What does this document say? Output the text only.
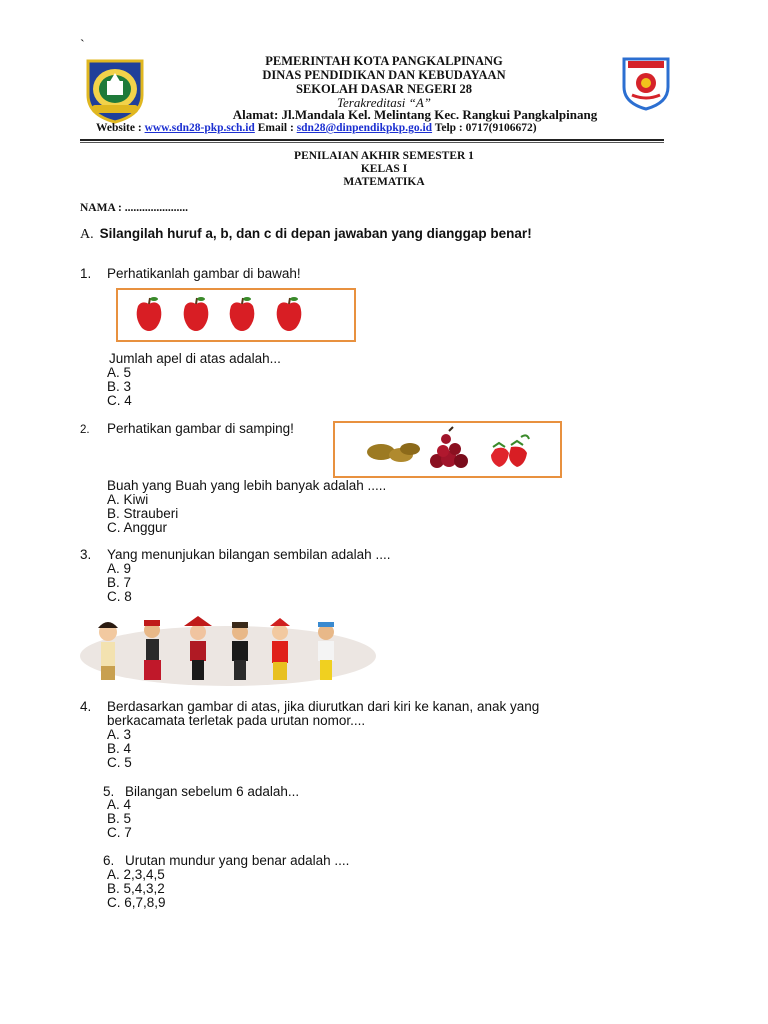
`
PEMERINTAH KOTA PANGKALPINANG
DINAS PENDIDIKAN DAN KEBUDAYAAN
SEKOLAH DASAR NEGERI 28
Terakreditasi “A”
Alamat: Jl.Mandala Kel. Melintang Kec. Rangkui Pangkalpinang
Website : www.sdn28-pkp.sch.id Email : sdn28@dinpendikpkp.go.id Telp : 0717(9106672)
PENILAIAN AKHIR SEMESTER 1
KELAS I
MATEMATIKA
NAMA : ......................
A. Silangilah huruf a, b, dan c di depan jawaban yang dianggap benar!
1. Perhatikanlah gambar di bawah!
Jumlah apel di atas adalah...
A. 5
B. 3
C. 4
2. Perhatikan gambar di samping!
Buah yang Buah yang lebih banyak adalah .....
A. Kiwi
B. Strauberi
C. Anggur
3. Yang menunjukan bilangan sembilan adalah ....
A. 9
B. 7
C. 8
4. Berdasarkan gambar di atas, jika diurutkan dari kiri ke kanan, anak yang
berkacamata terletak pada urutan nomor....
A. 3
B. 4
C. 5
5. Bilangan sebelum 6 adalah...
A. 4
B. 5
C. 7
6. Urutan mundur yang benar adalah ....
A. 2,3,4,5
B. 5,4,3,2
C. 6,7,8,9
